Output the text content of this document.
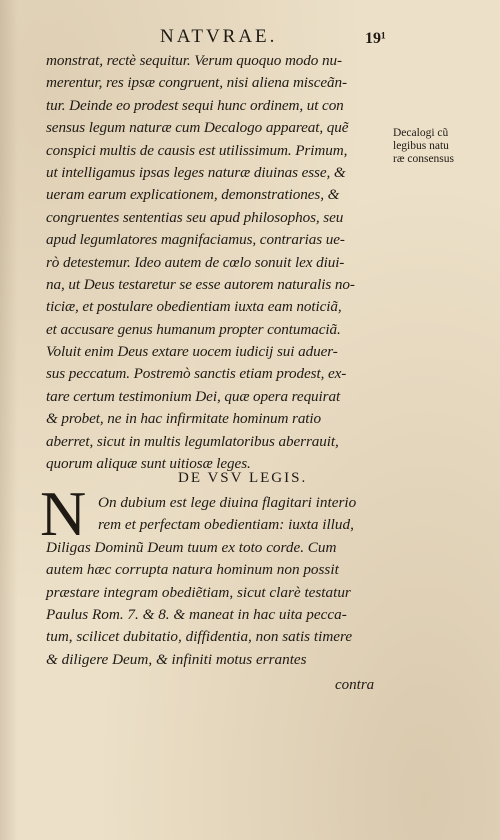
NATVRAE.	19¹
monstrat, rectè sequitur. Verum quoquo modo nu-
merentur, res ipsæ congruent, nisi aliena misceãn-
tur. Deinde eo prodest sequi hunc ordinem, ut con
sensus legum naturæ cum Decalogo appareat, quẽ
conspici multis de causis est utilissimum. Primum,
ut intelligamus ipsas leges naturæ diuinas esse, &
ueram earum explicationem, demonstrationes, &
congruentes sententias seu apud philosophos, seu
apud legumlatores magnifaciamus, contrarias ue-
rò detestemur. Ideo autem de cœlo sonuit lex diui-
na, ut Deus testaretur se esse autorem naturalis no-
ticiæ, et postulare obedientiam iuxta eam noticiã,
et accusare genus humanum propter contumaciã.
Voluit enim Deus extare uocem iudicij sui aduer-
sus peccatum. Postremò sanctis etiam prodest, ex-
tare certum testimonium Dei, quæ opera requirat
& probet, ne in hac infirmitate hominum ratio
aberret, sicut in multis legumlatoribus aberrauit,
quorum aliquæ sunt uitiosæ leges.
Decalogi cũ
legibus natu
ræ consensus
DE VSV LEGIS.
N On dubium est lege diuina flagitari interio
rem et perfectam obedientiam: iuxta illud,
Diligas Dominũ Deum tuum ex toto corde. Cum
autem hæc corrupta natura hominum non possit
præstare integram obediẽtiam, sicut clarè testatur
Paulus Rom. 7. & 8. & maneat in hac uita pecca-
tum, scilicet dubitatio, diffidentia, non satis timere
& diligere Deum, & infiniti motus errantes
contra
